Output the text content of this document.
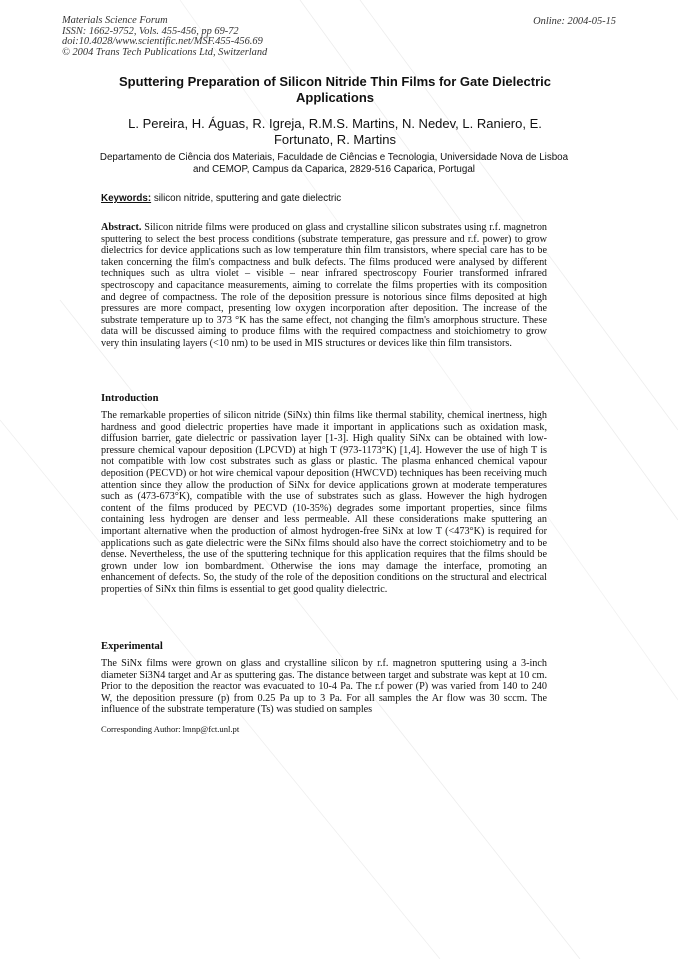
Materials Science Forum
ISSN: 1662-9752, Vols. 455-456, pp 69-72
doi:10.4028/www.scientific.net/MSF.455-456.69
© 2004 Trans Tech Publications Ltd, Switzerland
Online: 2004-05-15
Sputtering Preparation of Silicon Nitride Thin Films for Gate Dielectric Applications
L. Pereira, H. Águas, R. Igreja, R.M.S. Martins, N. Nedev, L. Raniero, E. Fortunato, R. Martins
Departamento de Ciência dos Materiais, Faculdade de Ciências e Tecnologia, Universidade Nova de Lisboa and CEMOP, Campus da Caparica, 2829-516 Caparica, Portugal
Keywords: silicon nitride, sputtering and gate dielectric
Abstract. Silicon nitride films were produced on glass and crystalline silicon substrates using r.f. magnetron sputtering to select the best process conditions (substrate temperature, gas pressure and r.f. power) to grow dielectrics for device applications such as low temperature thin film transistors, where special care has to be taken concerning the film's compactness and bulk defects. The films produced were analysed by different techniques such as ultra violet – visible – near infrared spectroscopy Fourier transformed infrared spectroscopy and capacitance measurements, aiming to correlate the films properties with its composition and degree of compactness. The role of the deposition pressure is notorious since films deposited at high pressures are more compact, presenting low oxygen incorporation after deposition. The increase of the substrate temperature up to 373 °K has the same effect, not changing the film's amorphous structure. These data will be discussed aiming to produce films with the required compactness and stoichiometry to grow very thin insulating layers (<10 nm) to be used in MIS structures or devices like thin film transistors.
Introduction
The remarkable properties of silicon nitride (SiNx) thin films like thermal stability, chemical inertness, high hardness and good dielectric properties have made it important in applications such as oxidation mask, diffusion barrier, gate dielectric or passivation layer [1-3]. High quality SiNx can be obtained with low-pressure chemical vapour deposition (LPCVD) at high T (973-1173°K) [1,4]. However the use of high T is not compatible with low cost substrates such as glass or plastic. The plasma enhanced chemical vapour deposition (PECVD) or hot wire chemical vapour deposition (HWCVD) techniques has been receiving much attention since they allow the production of SiNx for device applications grown at moderate temperatures such as (473-673°K), compatible with the use of substrates such as glass. However the high hydrogen content of the films produced by PECVD (10-35%) degrades some important properties, since films containing less hydrogen are denser and less permeable. All these considerations make sputtering an important alternative when the production of almost hydrogen-free SiNx at low T (<473°K) is required for applications such as gate dielectric were the SiNx films should also have the correct stoichiometry and to be dense. Nevertheless, the use of the sputtering technique for this application requires that the films should be grown under low ion bombardment. Otherwise the ions may damage the interface, promoting an enhancement of defects. So, the study of the role of the deposition conditions on the structural and electrical properties of SiNx thin films is essential to get good quality dielectric.
Experimental
The SiNx films were grown on glass and crystalline silicon by r.f. magnetron sputtering using a 3-inch diameter Si3N4 target and Ar as sputtering gas. The distance between target and substrate was kept at 10 cm. Prior to the deposition the reactor was evacuated to 10-4 Pa. The r.f power (P) was varied from 140 to 240 W, the deposition pressure (p) from 0.25 Pa up to 3 Pa. For all samples the Ar flow was 30 sccm. The influence of the substrate temperature (Ts) was studied on samples
Corresponding Author: lmnp@fct.unl.pt
